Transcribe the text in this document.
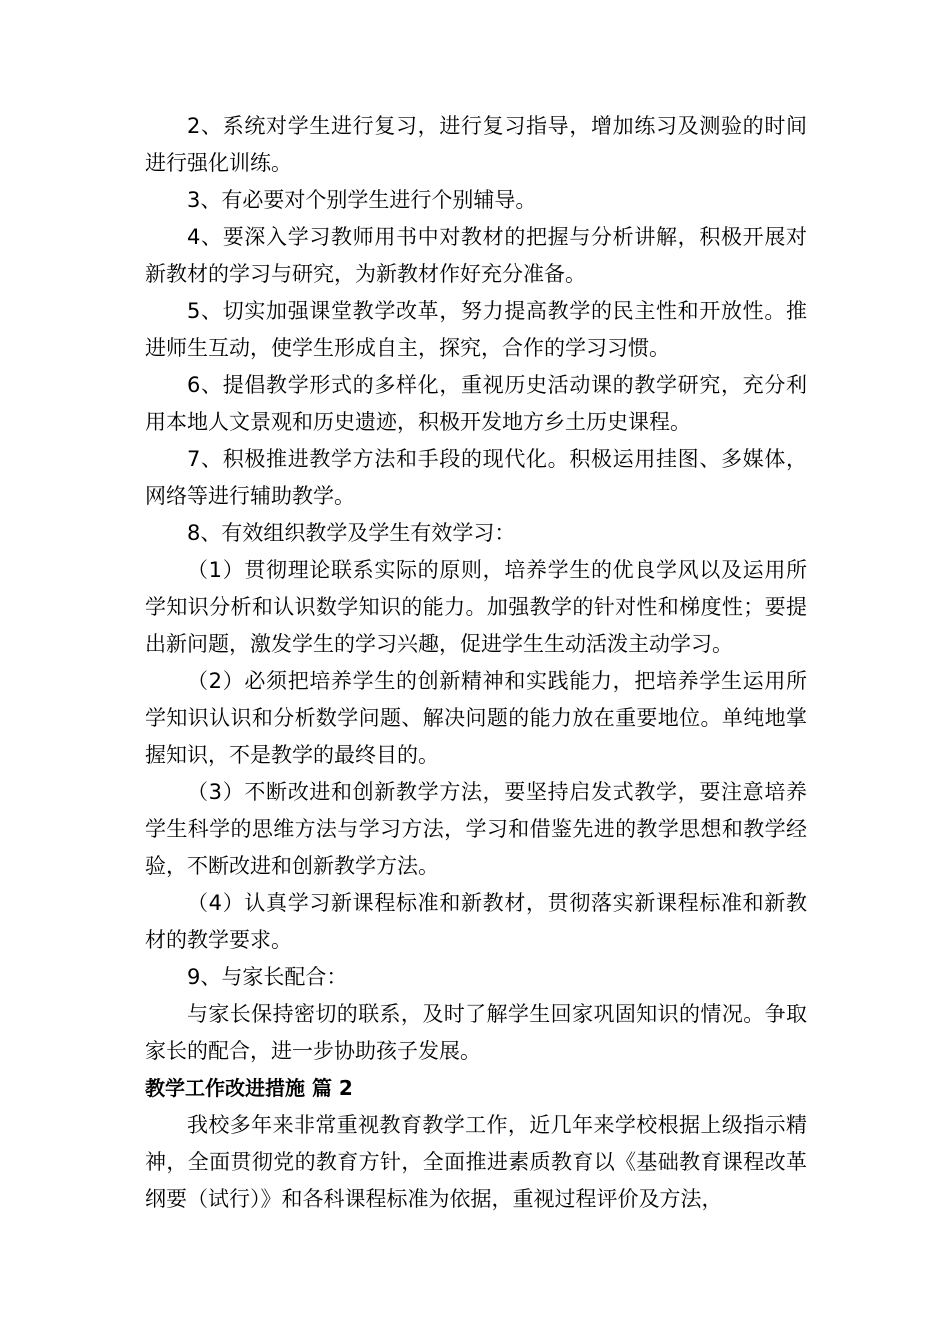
2、系统对学生进行复习，进行复习指导，增加练习及测验的时间进行强化训练。

3、有必要对个别学生进行个别辅导。

4、要深入学习教师用书中对教材的把握与分析讲解，积极开展对新教材的学习与研究，为新教材作好充分准备。

5、切实加强课堂教学改革，努力提高教学的民主性和开放性。推进师生互动，使学生形成自主，探究，合作的学习习惯。

6、提倡教学形式的多样化，重视历史活动课的教学研究，充分利用本地人文景观和历史遗迹，积极开发地方乡土历史课程。

7、积极推进教学方法和手段的现代化。积极运用挂图、多媒体，网络等进行辅助教学。

8、有效组织教学及学生有效学习：

（1）贯彻理论联系实际的原则，培养学生的优良学风以及运用所学知识分析和认识数学知识的能力。加强教学的针对性和梯度性；要提出新问题，激发学生的学习兴趣，促进学生生动活泼主动学习。

（2）必须把培养学生的创新精神和实践能力，把培养学生运用所学知识认识和分析数学问题、解决问题的能力放在重要地位。单纯地掌握知识，不是教学的最终目的。

（3）不断改进和创新教学方法，要坚持启发式教学，要注意培养学生科学的思维方法与学习方法，学习和借鉴先进的教学思想和教学经验，不断改进和创新教学方法。

（4）认真学习新课程标准和新教材，贯彻落实新课程标准和新教材的教学要求。

9、与家长配合：

与家长保持密切的联系，及时了解学生回家巩固知识的情况。争取家长的配合，进一步协助孩子发展。

教学工作改进措施 篇 2

我校多年来非常重视教育教学工作，近几年来学校根据上级指示精神，全面贯彻党的教育方针，全面推进素质教育以《基础教育课程改革纲要（试行）》和各科课程标准为依据，重视过程评价及方法，
